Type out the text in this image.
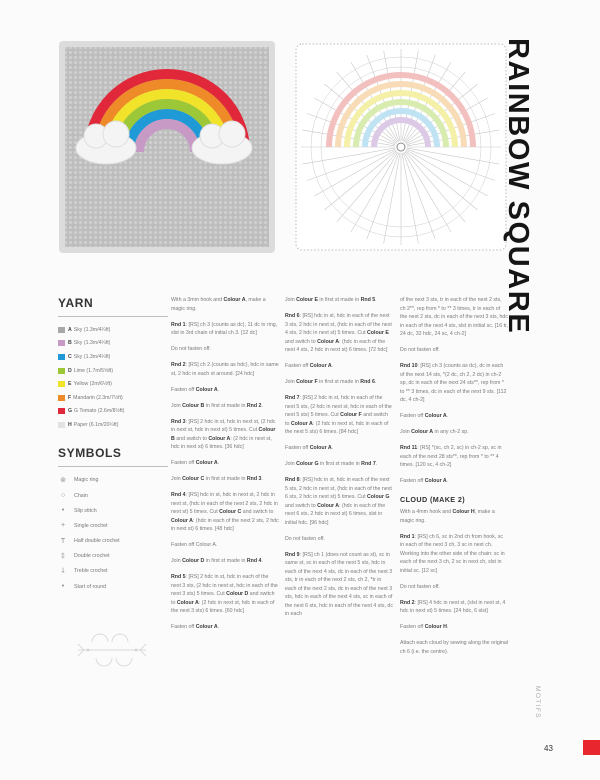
RAINBOW SQUARE
YARN
A Sky (1.3m/4¼ft)
B Sky (1.3m/4¼ft)
C Sky (1.3m/4¼ft)
D Lime (1.7m/5⅝ft)
E Yellow (2m/6½ft)
F Mandarin (2.3m/7½ft)
G G Tomato (2.6m/8½ft)
H Paper (6.1m/20¼ft)
SYMBOLS
⊚	Magic ring
○	Chain
•	Slip stitch
+	Single crochet
T	Half double crochet
‡	Double crochet
⸸	Treble crochet
•	Start of round

With a 3mm hook and Colour A, make a magic ring.

Rnd 1: [RS] ch 3 (counts as dc), 11 dc in ring, slst in 3rd chain of initial ch 3. [12 dc]

Do not fasten off.

Rnd 2: [RS] ch 2 (counts as hdc), hdc in same st, 2 hdc in each st around. [24 hdc]

Fasten off Colour A.

Join Colour B in first st made in Rnd 2.

Rnd 3: [RS] 2 hdc in st, hdc in next st, (2 hdc in next st, hdc in next st) 5 times. Cut Colour B and switch to Colour A: (2 hdc in next st, hdc in next st) 6 times. [36 hdc]

Fasten off Colour A.

Join Colour C in first st made in Rnd 3.

Rnd 4: [RS] hdc in st, hdc in next st, 2 hdc in next st, (hdc in each of the next 2 sts, 2 hdc in next st) 5 times. Cut Colour C and switch to Colour A: (hdc in each of the next 2 sts, 2 hdc in next st) 6 times. [48 hdc]

Fasten off Colour A.

Join Colour D in first st made in Rnd 4.

Rnd 5: [RS] 2 hdc in st, hdc in each of the next 3 sts, (2 hdc in next st, hdc in each of the next 3 sts) 5 times. Cut Colour D and switch to Colour A: (2 hdc in next st, hdc in each of the next 3 sts) 6 times. [60 hdc]

Fasten off Colour A.

Join Colour E in first st made in Rnd 5.

Rnd 6: [RS] hdc in st, hdc in each of the next 3 sts, 2 hdc in next st, (hdc in each of the next 4 sts, 2 hdc in next st) 5 times. Cut Colour E and switch to Colour A: (hdc in each of the next 4 sts, 2 hdc in next st) 6 times. [72 hdc]

Fasten off Colour A.

Join Colour F in first st made in Rnd 6.

Rnd 7: [RS] 2 hdc in st, hdc in each of the next 5 sts, (2 hdc in next st, hdc in each of the next 5 sts) 5 times. Cut Colour F and switch to Colour A: (2 hdc in next st, hdc in each of the next 5 sts) 6 times. [84 hdc]

Fasten off Colour A.

Join Colour G in first st made in Rnd 7.

Rnd 8: [RS] hdc in st, hdc in each of the next 5 sts, 2 hdc in next st, (hdc in each of the next 6 sts, 2 hdc in next st) 5 times. Cut Colour G and switch to Colour A: (hdc in each of the next 6 sts, 2 hdc in next st) 6 times, slst in initial hdc. [96 hdc]

Do not fasten off.

Rnd 9: [RS] ch 1 (does not count as st), sc in same st, sc in each of the next 5 sts, hdc in each of the next 4 sts, dc in each of the next 3 sts, tr in each of the next 2 sts, ch 2, *tr in each of the next 2 sts, dc in each of the next 3 sts, hdc in each of the next 4 sts, sc in each of the next 6 sts, hdc in each of the next 4 sts, dc in each

of the next 3 sts, tr in each of the next 2 sts, ch 2**, rep from * to ** 3 times, tr in each of the next 2 sts, dc in each of the next 3 sts, hdc in each of the next 4 sts, slst in initial sc. [16 tr, 24 dc, 32 hdc, 24 sc, 4 ch-2]

Do not fasten off.

Rnd 10: [RS] ch 3 (counts as dc), dc in each of the next 14 sts, *(2 dc, ch 2, 2 dc) in ch-2 sp, dc in each of the next 24 sts**, rep from * to ** 3 times, dc in each of the next 9 sts. [112 dc, 4 ch-2]

Fasten off Colour A.

Join Colour A in any ch-2 sp.

Rnd 11: [RS] *(sc, ch 2, sc) in ch-2 sp, sc in each of the next 28 sts**, rep from * to ** 4 times. [120 sc, 4 ch-2]

Fasten off Colour A.

CLOUD (MAKE 2)

With a 4mm hook and Colour H, make a magic ring.

Rnd 1: [RS] ch 6, sc in 2nd ch from hook, sc in each of the next 3 ch, 3 sc in next ch. Working into the other side of the chain: sc in each of the next 3 ch, 2 sc in next ch, slst in initial sc. [12 sc]

Do not fasten off.

Rnd 2: [RS] 4 hdc in next st, (slst in next st, 4 hdc in next st) 5 times. [24 hdc, 6 slst]

Fasten off Colour H.

Attach each cloud by sewing along the original ch 6 (i.e. the centre).

MOTIFS
43
